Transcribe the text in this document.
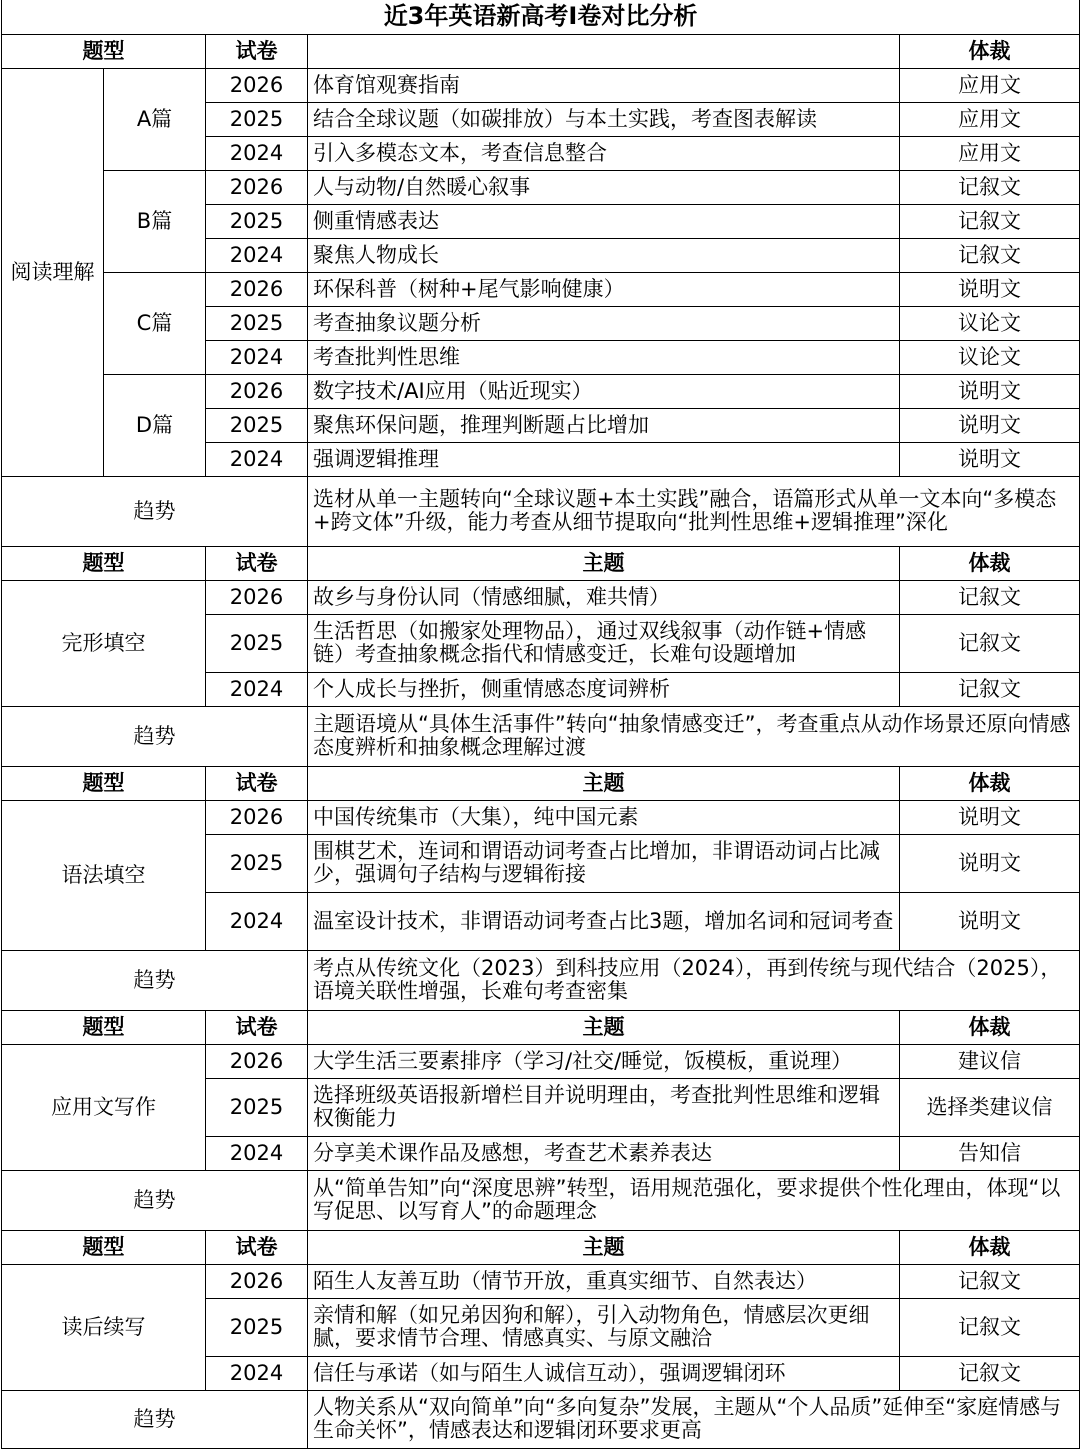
近3年英语新高考Ⅰ卷对比分析				
题型		试卷		体裁
阅读理解	A篇	2026	体育馆观赛指南	应用文
		2025	结合全球议题（如碳排放）与本土实践，考查图表解读	应用文
		2024	引入多模态文本，考查信息整合	应用文
	B篇	2026	人与动物/自然暖心叙事	记叙文
		2025	侧重情感表达	记叙文
		2024	聚焦人物成长	记叙文
	C篇	2026	环保科普（树种+尾气影响健康）	说明文
		2025	考查抽象议题分析	议论文
		2024	考查批判性思维	议论文
	D篇	2026	数字技术/AI应用（贴近现实）	说明文
		2025	聚焦环保问题，推理判断题占比增加	说明文
		2024	强调逻辑推理	说明文
趋势			选材从单一主题转向“全球议题+本土实践”融合，语篇形式从单一文本向“多模态+跨文体”升级，能力考查从细节提取向“批判性思维+逻辑推理”深化	
题型		试卷	主题	体裁
完形填空		2026	故乡与身份认同（情感细腻，难共情）	记叙文
		2025	生活哲思（如搬家处理物品），通过双线叙事（动作链+情感链）考查抽象概念指代和情感变迁，长难句设题增加	记叙文
		2024	个人成长与挫折，侧重情感态度词辨析	记叙文
趋势			主题语境从“具体生活事件”转向“抽象情感变迁”，考查重点从动作场景还原向情感态度辨析和抽象概念理解过渡	
题型		试卷	主题	体裁
语法填空		2026	中国传统集市（大集），纯中国元素	说明文
		2025	围棋艺术，连词和谓语动词考查占比增加，非谓语动词占比减少，强调句子结构与逻辑衔接	说明文
		2024	温室设计技术，非谓语动词考查占比3题，增加名词和冠词考查	说明文
趋势			考点从传统文化（2023）到科技应用（2024），再到传统与现代结合（2025），语境关联性增强，长难句考查密集	
题型		试卷	主题	体裁
应用文写作		2026	大学生活三要素排序（学习/社交/睡觉，饭模板，重说理）	建议信
		2025	选择班级英语报新增栏目并说明理由，考查批判性思维和逻辑权衡能力	选择类建议信
		2024	分享美术课作品及感想，考查艺术素养表达	告知信
趋势			从“简单告知”向“深度思辨”转型，语用规范强化，要求提供个性化理由，体现“以写促思、以写育人”的命题理念	
题型		试卷	主题	体裁
读后续写		2026	陌生人友善互助（情节开放，重真实细节、自然表达）	记叙文
		2025	亲情和解（如兄弟因狗和解），引入动物角色，情感层次更细腻，要求情节合理、情感真实、与原文融洽	记叙文
		2024	信任与承诺（如与陌生人诚信互动），强调逻辑闭环	记叙文
趋势			人物关系从“双向简单”向“多向复杂”发展，主题从“个人品质”延伸至“家庭情感与生命关怀”，情感表达和逻辑闭环要求更高	
